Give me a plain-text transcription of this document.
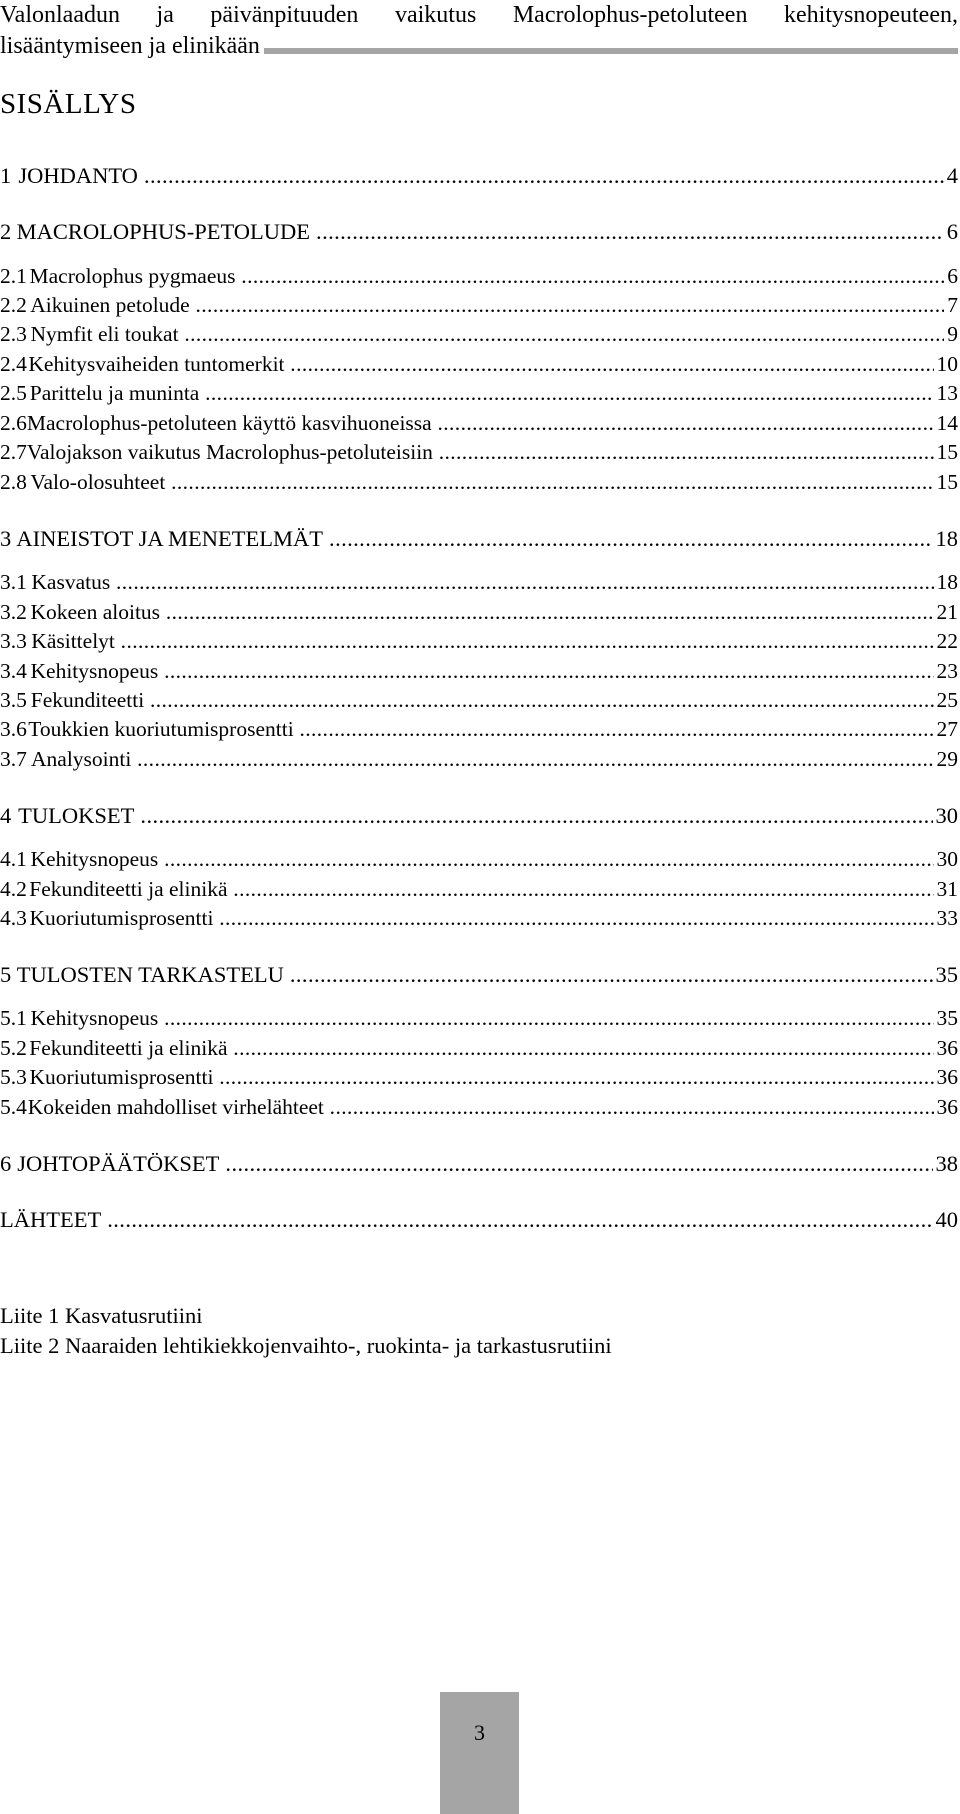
Valonlaadun ja päivänpituuden vaikutus Macrolophus-petoluteen kehitysnopeuteen,
lisääntymiseen ja elinikään
SISÄLLYS
1 JOHDANTO .....	4
2 MACROLOPHUS-PETOLUDE .....	6
2.1 Macrolophus pygmaeus .....	6
2.2 Aikuinen petolude .....	7
2.3 Nymfit eli toukat .....	9
2.4 Kehitysvaiheiden tuntomerkit .....	10
2.5 Parittelu ja muninta .....	13
2.6 Macrolophus-petoluteen käyttö kasvihuoneissa .....	14
2.7 Valojakson vaikutus Macrolophus-petoluteisiin .....	15
2.8 Valo-olosuhteet .....	15
3 AINEISTOT JA MENETELMÄT .....	18
3.1 Kasvatus .....	18
3.2 Kokeen aloitus .....	21
3.3 Käsittelyt .....	22
3.4 Kehitysnopeus .....	23
3.5 Fekunditeetti .....	25
3.6 Toukkien kuoriutumisprosentti .....	27
3.7 Analysointi .....	29
4 TULOKSET .....	30
4.1 Kehitysnopeus .....	30
4.2 Fekunditeetti ja elinikä .....	31
4.3 Kuoriutumisprosentti .....	33
5 TULOSTEN TARKASTELU .....	35
5.1 Kehitysnopeus .....	35
5.2 Fekunditeetti ja elinikä .....	36
5.3 Kuoriutumisprosentti .....	36
5.4 Kokeiden mahdolliset virhelähteet .....	36
6 JOHTOPÄÄTÖKSET .....	38
LÄHTEET .....	40
Liite 1 Kasvatusrutiini
Liite 2 Naaraiden lehtikiekkojenvaihto-, ruokinta- ja tarkastusrutiini
3
